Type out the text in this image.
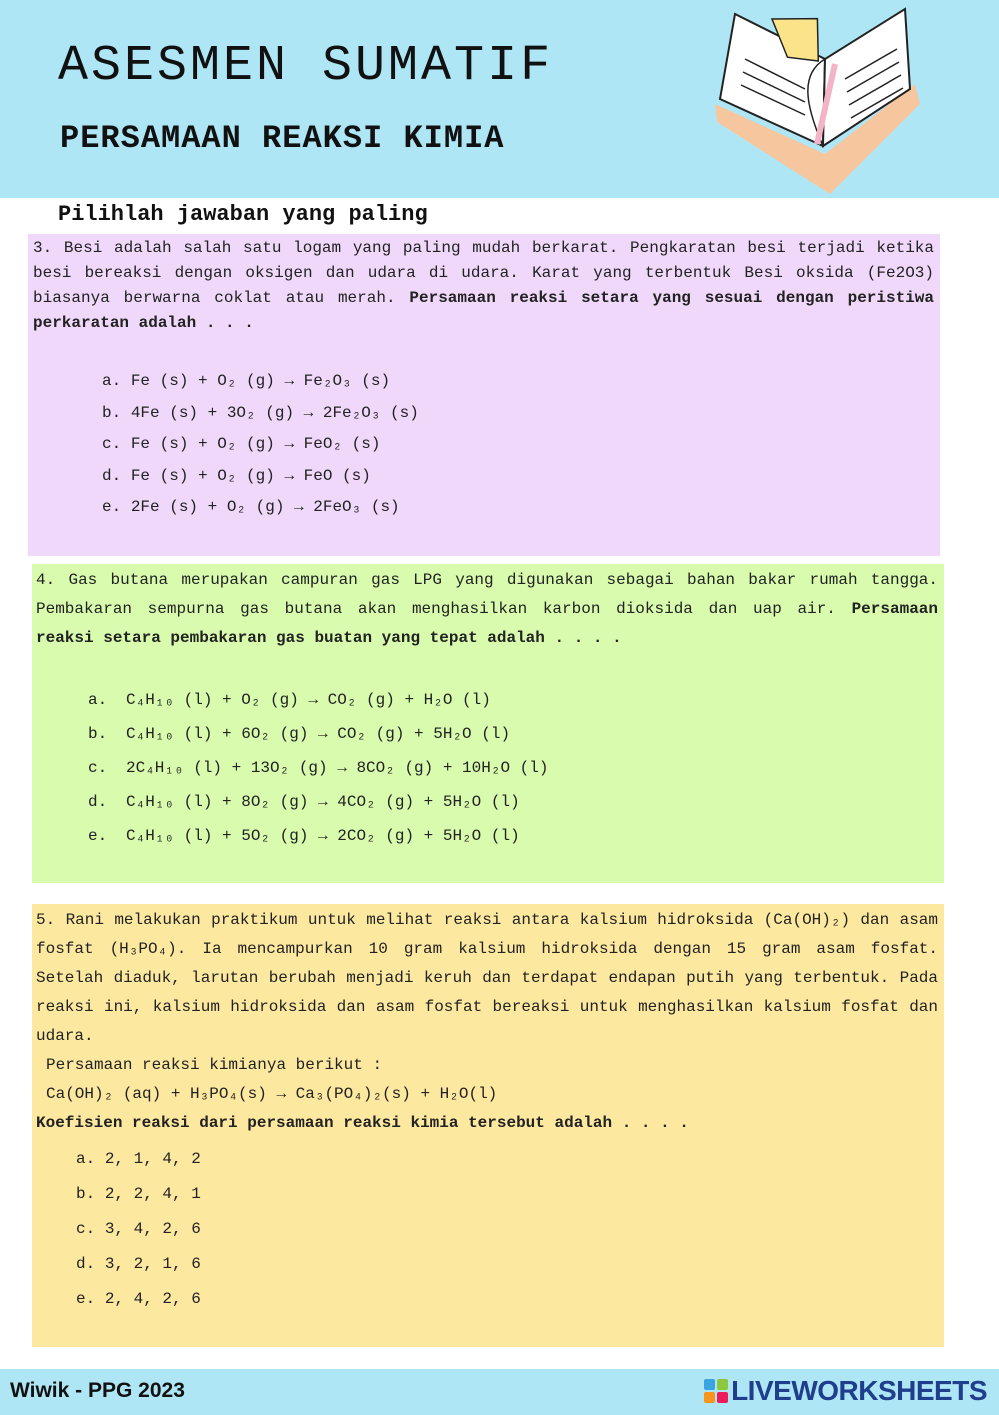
ASESMEN SUMATIF
PERSAMAAN REAKSI KIMIA
Pilihlah jawaban yang paling
3. Besi adalah salah satu logam yang paling mudah berkarat. Pengkaratan besi terjadi ketika besi bereaksi dengan oksigen dan udara di udara. Karat yang terbentuk Besi oksida (Fe2O3) biasanya berwarna coklat atau merah. Persamaan reaksi setara yang sesuai dengan peristiwa perkaratan adalah . . .
a. Fe (s) + O₂ (g) → Fe₂O₃ (s)
b. 4Fe (s) + 3O₂ (g) → 2Fe₂O₃ (s)
c. Fe (s) + O₂ (g) → FeO₂ (s)
d. Fe (s) + O₂ (g) → FeO (s)
e. 2Fe (s) + O₂ (g) → 2FeO₃ (s)
4. Gas butana merupakan campuran gas LPG yang digunakan sebagai bahan bakar rumah tangga. Pembakaran sempurna gas butana akan menghasilkan karbon dioksida dan uap air. Persamaan reaksi setara pembakaran gas buatan yang tepat adalah . . . .
a. C₄H₁₀ (l) + O₂ (g) → CO₂ (g) + H₂O (l)
b. C₄H₁₀ (l) + 6O₂ (g) → CO₂ (g) + 5H₂O (l)
c. 2C₄H₁₀ (l) + 13O₂ (g) → 8CO₂ (g) + 10H₂O (l)
d. C₄H₁₀ (l) + 8O₂ (g) → 4CO₂ (g) + 5H₂O (l)
e. C₄H₁₀ (l) + 5O₂ (g) → 2CO₂ (g) + 5H₂O (l)
5. Rani melakukan praktikum untuk melihat reaksi antara kalsium hidroksida (Ca(OH)₂) dan asam fosfat (H₃PO₄). Ia mencampurkan 10 gram kalsium hidroksida dengan 15 gram asam fosfat. Setelah diaduk, larutan berubah menjadi keruh dan terdapat endapan putih yang terbentuk. Pada reaksi ini, kalsium hidroksida dan asam fosfat bereaksi untuk menghasilkan kalsium fosfat dan udara.
Persamaan reaksi kimianya berikut :
Ca(OH)₂ (aq) + H₃PO₄(s) → Ca₃(PO₄)₂(s) + H₂O(l)
Koefisien reaksi dari persamaan reaksi kimia tersebut adalah . . . .
a. 2, 1, 4, 2
b. 2, 2, 4, 1
c. 3, 4, 2, 6
d. 3, 2, 1, 6
e. 2, 4, 2, 6
Wiwik - PPG 2023	LIVEWORKSHEETS
